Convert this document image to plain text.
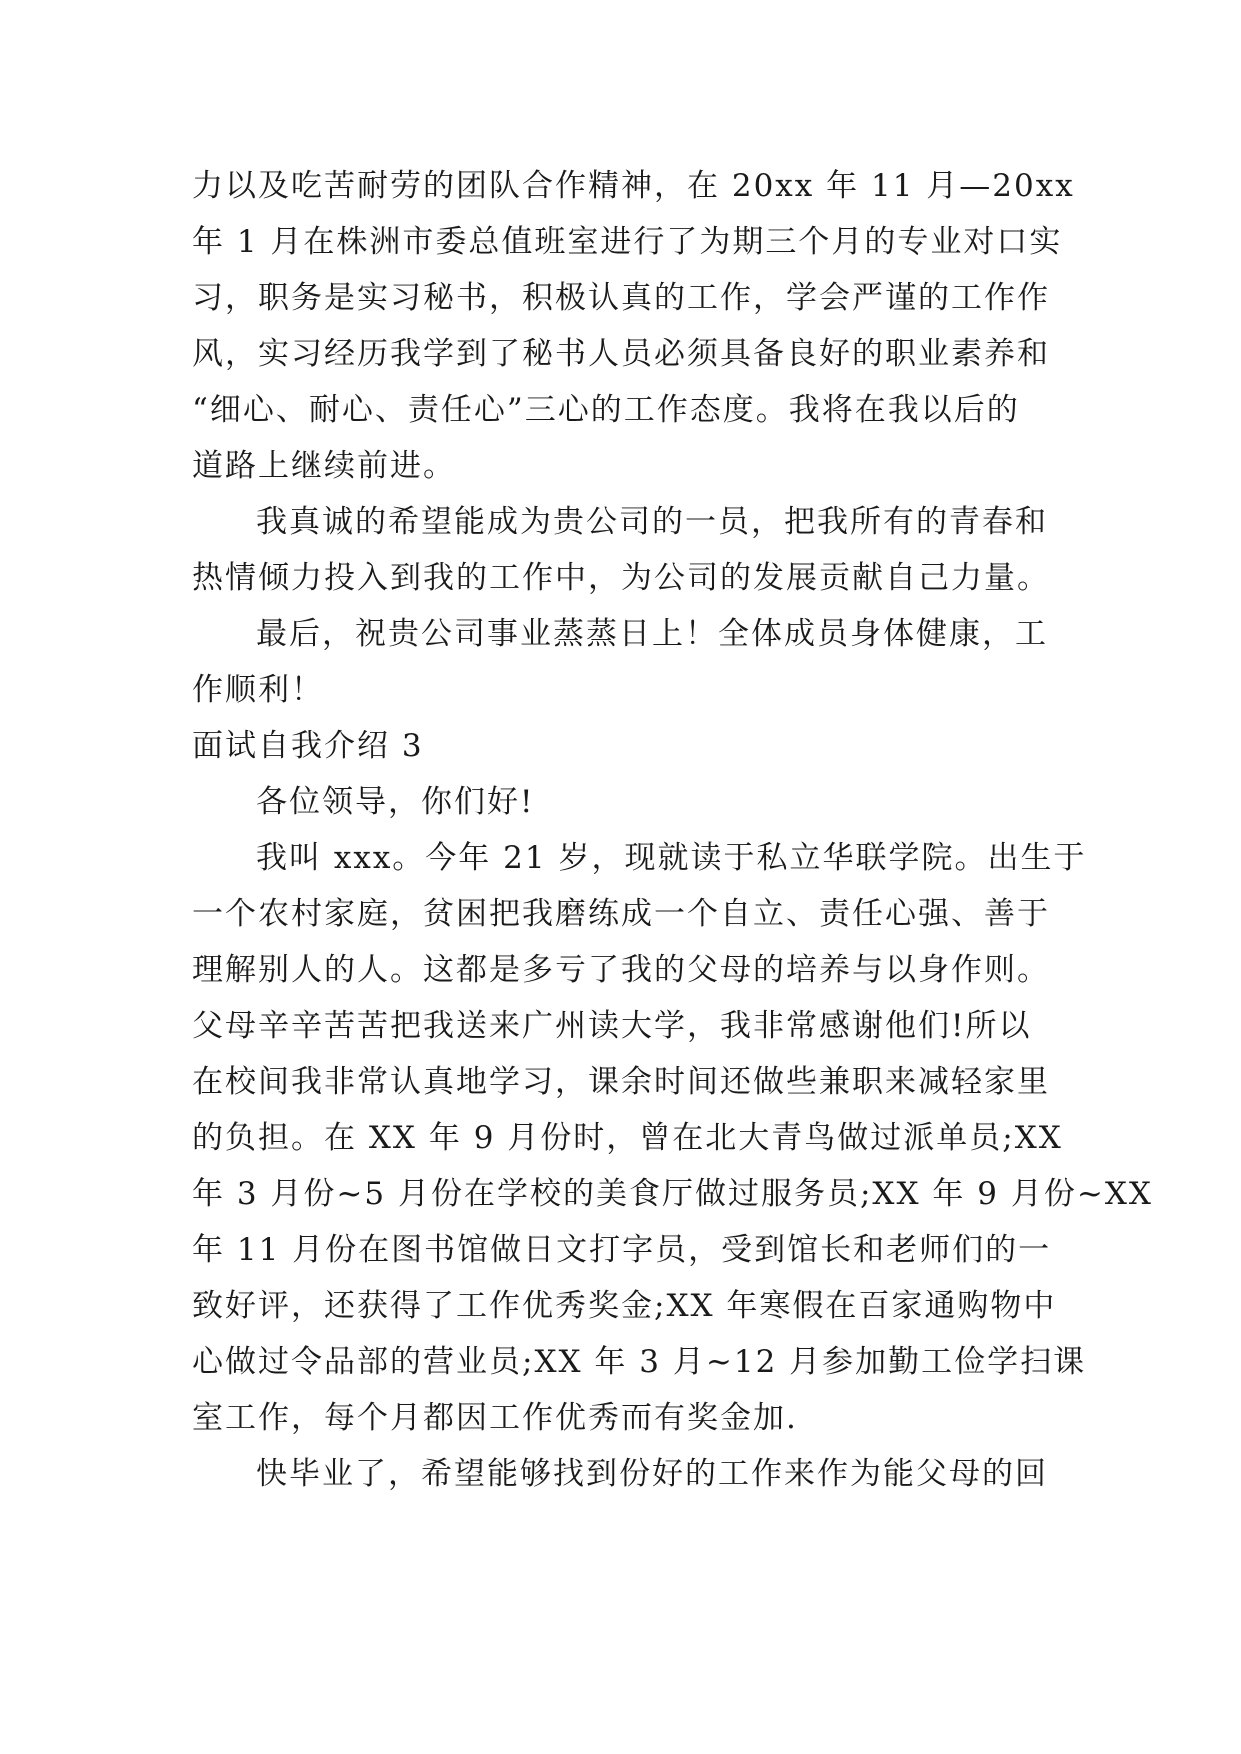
力以及吃苦耐劳的团队合作精神，在 20xx 年 11 月—20xx
年 1 月在株洲市委总值班室进行了为期三个月的专业对口实
习，职务是实习秘书，积极认真的工作，学会严谨的工作作
风，实习经历我学到了秘书人员必须具备良好的职业素养和
“细心、耐心、责任心”三心的工作态度。我将在我以后的
道路上继续前进。
我真诚的希望能成为贵公司的一员，把我所有的青春和
热情倾力投入到我的工作中，为公司的发展贡献自己力量。
最后，祝贵公司事业蒸蒸日上！全体成员身体健康，工
作顺利！
面试自我介绍 3
各位领导，你们好!
我叫 xxx。今年 21 岁，现就读于私立华联学院。出生于
一个农村家庭，贫困把我磨练成一个自立、责任心强、善于
理解别人的人。这都是多亏了我的父母的培养与以身作则。
父母辛辛苦苦把我送来广州读大学，我非常感谢他们!所以
在校间我非常认真地学习，课余时间还做些兼职来减轻家里
的负担。在 XX 年 9 月份时，曾在北大青鸟做过派单员;XX
年 3 月份~5 月份在学校的美食厅做过服务员;XX 年 9 月份~XX
年 11 月份在图书馆做日文打字员，受到馆长和老师们的一
致好评，还获得了工作优秀奖金;XX 年寒假在百家通购物中
心做过令品部的营业员;XX 年 3 月~12 月参加勤工俭学扫课
室工作，每个月都因工作优秀而有奖金加.
快毕业了，希望能够找到份好的工作来作为能父母的回
